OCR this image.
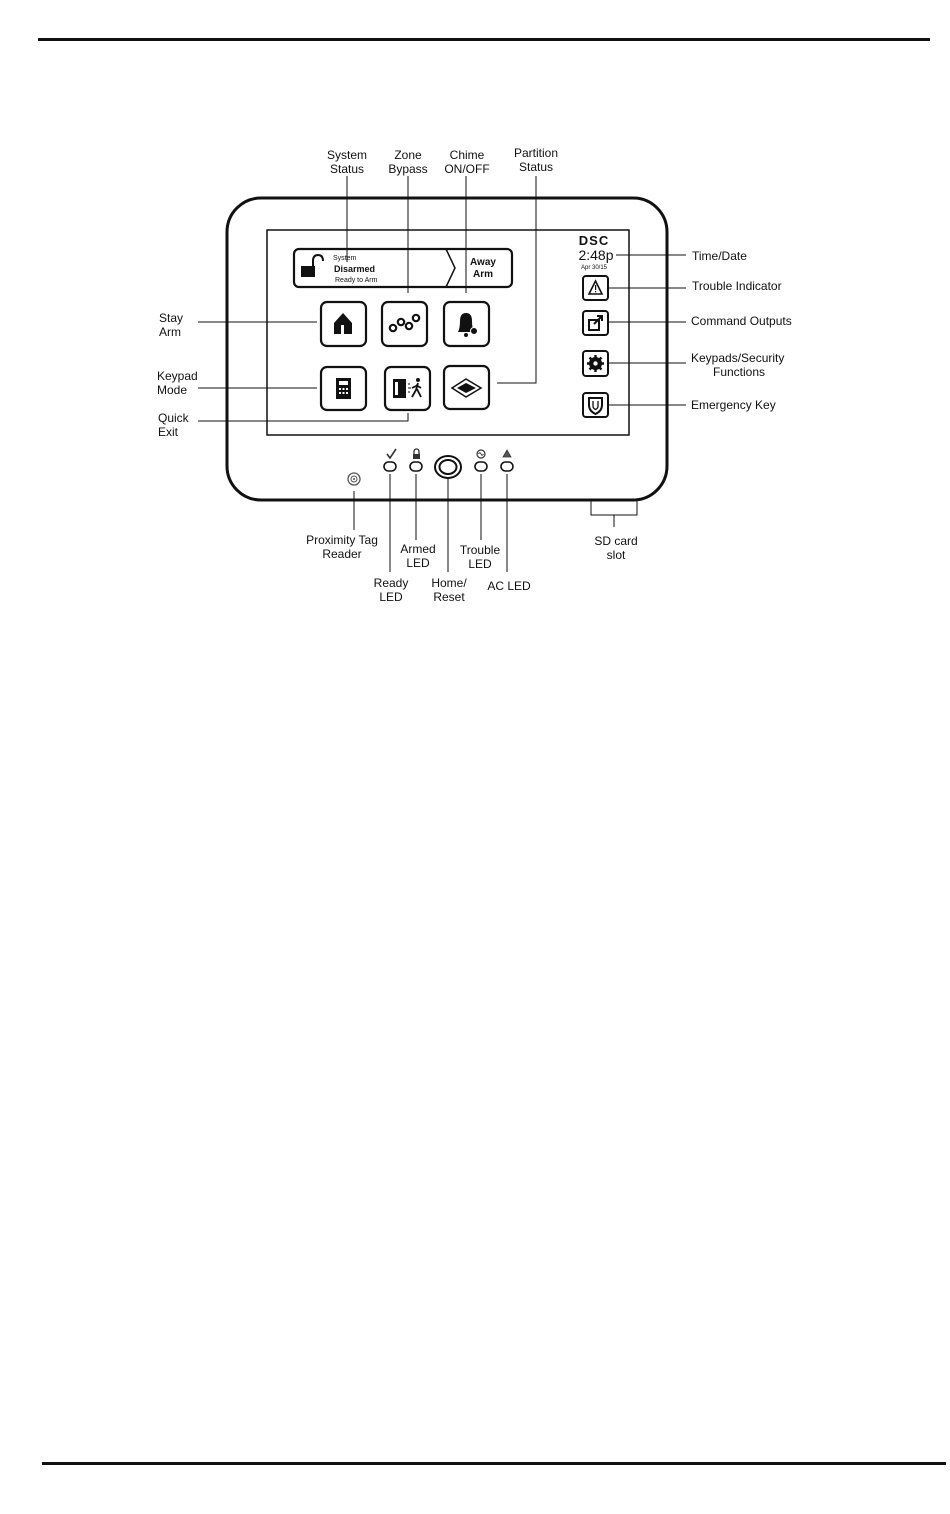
System
Disarmed
Ready to Arm
Away
Arm
DSC
2:48p
Apr 30/15
System
Status
Zone
Bypass
Chime
ON/OFF
Partition
Status
Time/Date
Trouble Indicator
Command Outputs
Keypads/Security
Functions
Emergency Key
Stay
Arm
Keypad
Mode
Quick
Exit
Proximity Tag
Reader	Armed
LED
Trouble
LED
Ready
LED
Home/
Reset
AC LED
SD card
slot
